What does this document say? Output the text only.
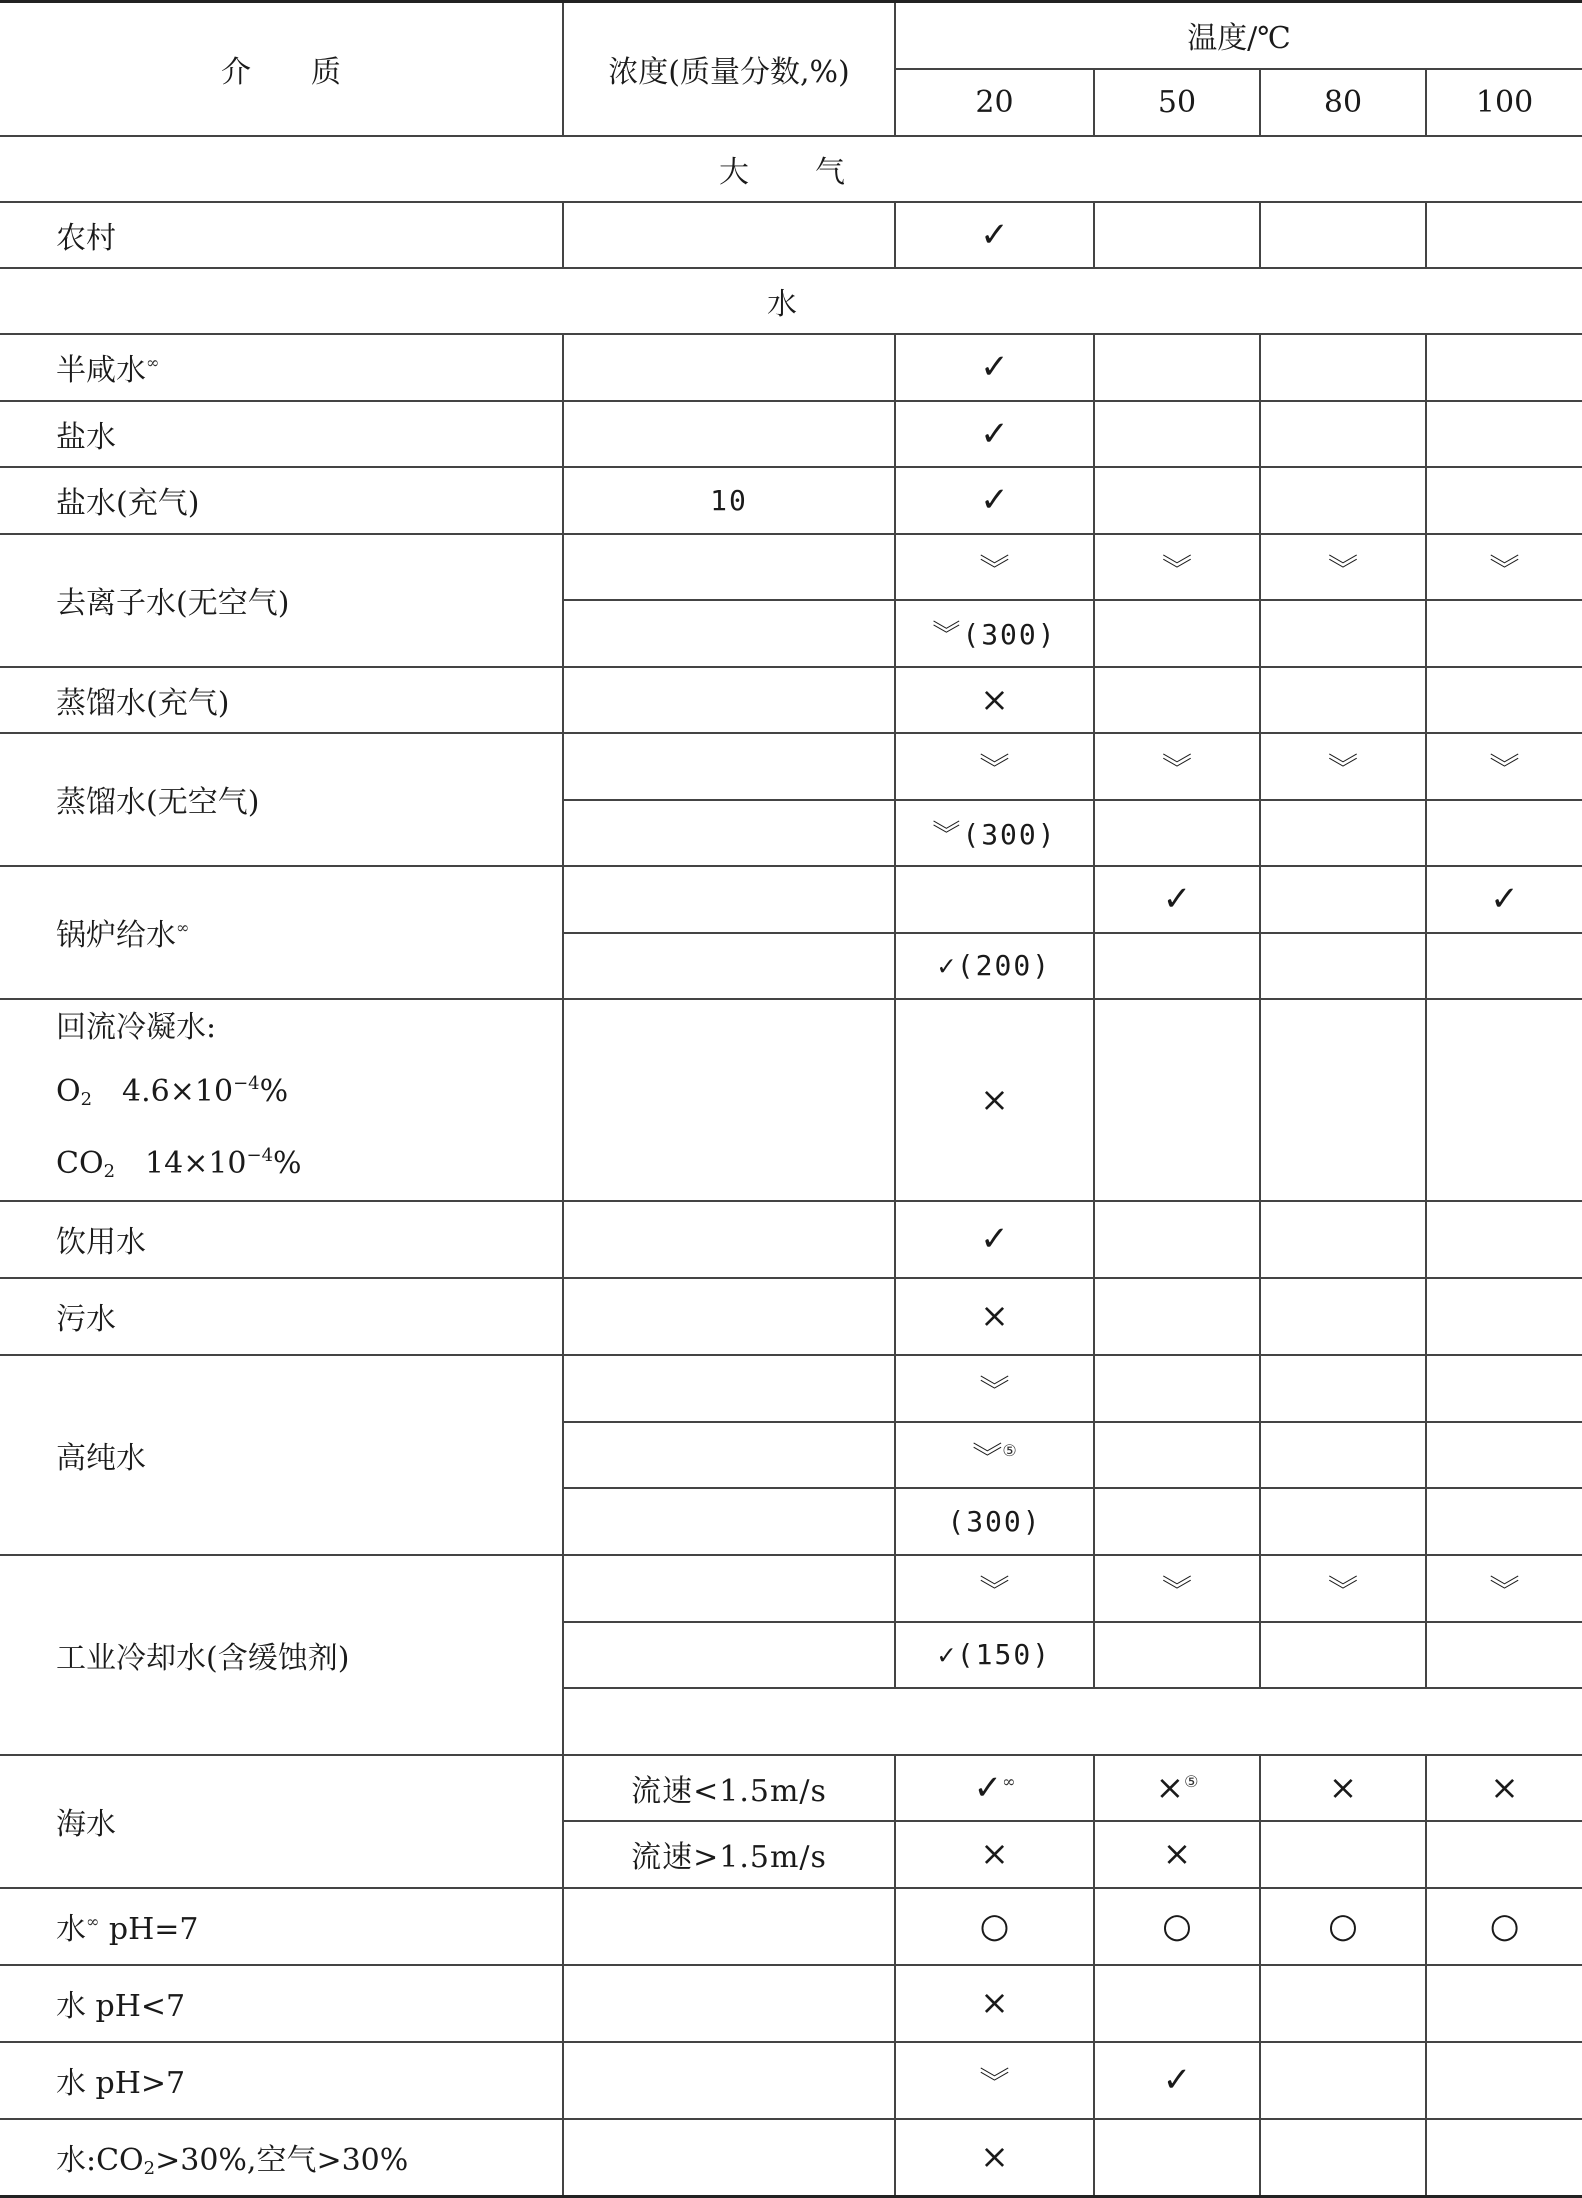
介　　质	浓度(质量分数,%)	温度/℃			
		20	50	80	100
大　气					
农村		✓			
水					
半咸水∞		✓			
盐水		✓			
盐水(充气)	10	✓			
去离子水(无空气)		︾	︾	︾	︾
		︾(300)			
蒸馏水(充气)		×			
蒸馏水(无空气)		︾	︾	︾	︾
		︾(300)			
锅炉给水∞			✓		✓
		✓(200)			

回流冷凝水:
$O_2$　$4.6\times 10^{-4}\%$
$CO_2$　$14\times 10^{-4}\%$		×			
饮用水		✓			
污水		×			
高纯水		︾			
		︾⑤			
		(300)			
工业冷却水(含缓蚀剂)		︾	︾	︾	︾
		✓(150)			

海水	流速<1.5m/s	✓∞	×⑤	×	×
	流速>1.5m/s	×	×		
水∞ pH=7		○	○	○	○
水 pH<7		×			
水 pH>7		︾	✓		
水$:CO_2>30\%$,空气>30%		×			
